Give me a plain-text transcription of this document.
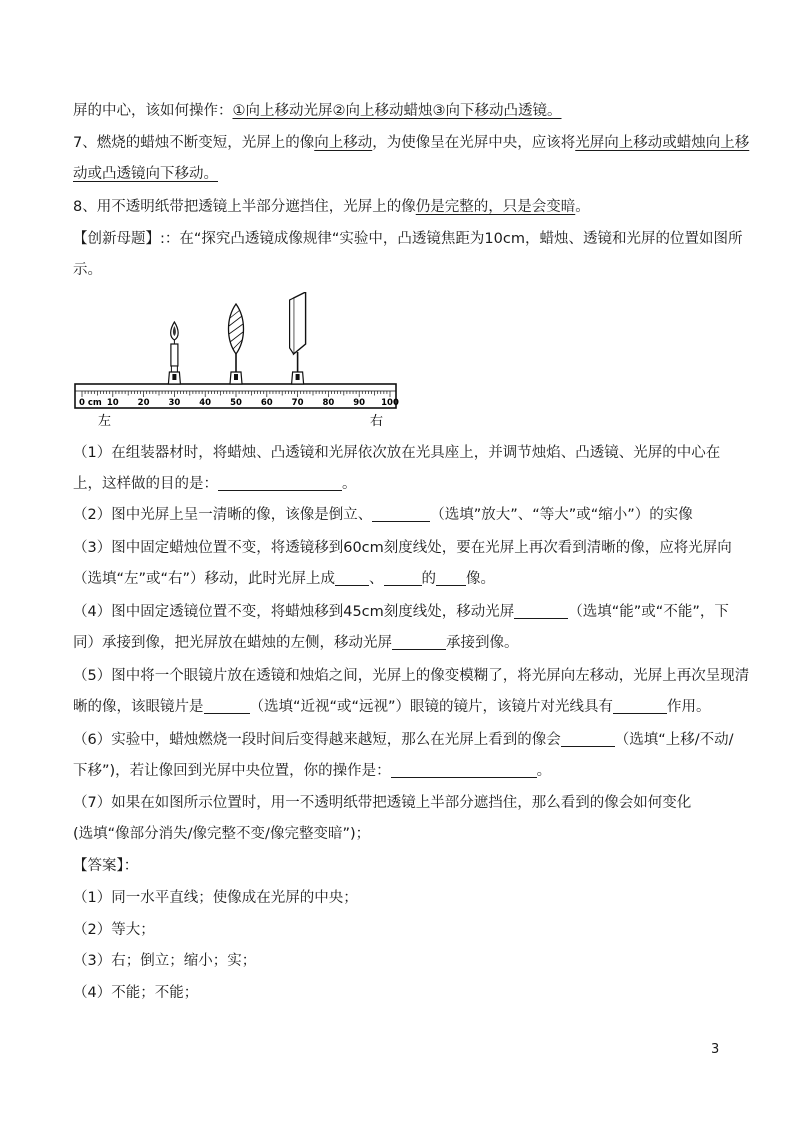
屏的中心，该如何操作：①向上移动光屏②向上移动蜡烛③向下移动凸透镜。
7、燃烧的蜡烛不断变短，光屏上的像向上移动，为使像呈在光屏中央，应该将光屏向上移动或蜡烛向上移
动或凸透镜向下移动。
8、用不透明纸带把透镜上半部分遮挡住，光屏上的像仍是完整的，只是会变暗。
【创新母题】:：在“探究凸透镜成像规律“实验中，凸透镜焦距为10cm，蜡烛、透镜和光屏的位置如图所
示。
0 cm 10 20 30 40 50 60 70 80 90 100
左	右
（1）在组装器材时，将蜡烛、凸透镜和光屏依次放在光具座上，并调节烛焰、凸透镜、光屏的中心在
上，这样做的目的是：	。
（2）图中光屏上呈一清晰的像，该像是倒立、	（选填”放大”、“等大”或“缩小”）的实像
（3）图中固定蜡烛位置不变，将透镜移到60cm刻度线处，要在光屏上再次看到清晰的像，应将光屏向
（选填“左”或“右”）移动，此时光屏上成 、	的 像。
（4）图中固定透镜位置不变，将蜡烛移到45cm刻度线处，移动光屏	（选填“能”或“不能”，下
同）承接到像，把光屏放在蜡烛的左侧，移动光屏	承接到像。
（5）图中将一个眼镜片放在透镜和烛焰之间，光屏上的像变模糊了，将光屏向左移动，光屏上再次呈现清
晰的像，该眼镜片是	（选填“近视“或“远视”）眼镜的镜片，该镜片对光线具有	作用。
（6）实验中，蜡烛燃烧一段时间后变得越来越短，那么在光屏上看到的像会	（选填“上移/不动/
下移”)，若让像回到光屏中央位置，你的操作是：	。
（7）如果在如图所示位置时，用一不透明纸带把透镜上半部分遮挡住，那么看到的像会如何变化
(选填“像部分消失/像完整不变/像完整变暗”)；
【答案】：
（1）同一水平直线；使像成在光屏的中央；
（2）等大；
（3）右；倒立；缩小；实；
（4）不能；不能；
3
